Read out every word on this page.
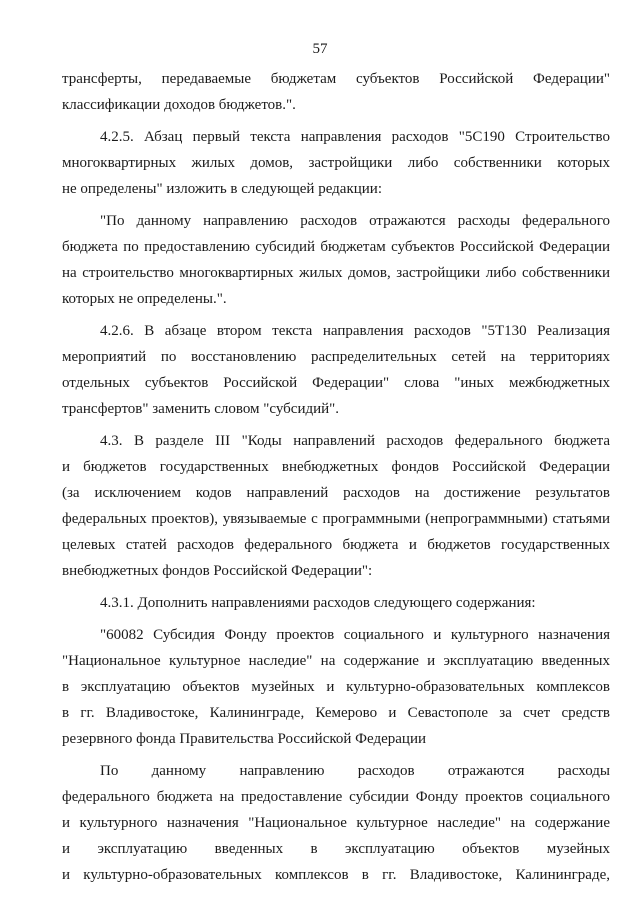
57
трансферты, передаваемые бюджетам субъектов Российской Федерации"
классификации доходов бюджетов.".
4.2.5. Абзац первый текста направления расходов "5С190 Строительство
многоквартирных жилых домов, застройщики либо собственники которых
не определены" изложить в следующей редакции:
"По данному направлению расходов отражаются расходы федерального
бюджета по предоставлению субсидий бюджетам субъектов Российской Федерации
на строительство многоквартирных жилых домов, застройщики либо собственники
которых не определены.".
4.2.6. В абзаце втором текста направления расходов "5Т130 Реализация
мероприятий по восстановлению распределительных сетей на территориях
отдельных субъектов Российской Федерации" слова "иных межбюджетных
трансфертов" заменить словом "субсидий".
4.3. В разделе III "Коды направлений расходов федерального бюджета
и бюджетов государственных внебюджетных фондов Российской Федерации
(за исключением кодов направлений расходов на достижение результатов
федеральных проектов), увязываемые с программными (непрограммными) статьями
целевых статей расходов федерального бюджета и бюджетов государственных
внебюджетных фондов Российской Федерации":
4.3.1. Дополнить направлениями расходов следующего содержания:
"60082 Субсидия Фонду проектов социального и культурного назначения
"Национальное культурное наследие" на содержание и эксплуатацию введенных
в эксплуатацию объектов музейных и культурно-образовательных комплексов
в гг. Владивостоке, Калининграде, Кемерово и Севастополе за счет средств
резервного фонда Правительства Российской Федерации
По данному направлению расходов отражаются расходы
федерального бюджета на предоставление субсидии Фонду проектов социального
и культурного назначения "Национальное культурное наследие" на содержание
и эксплуатацию введенных в эксплуатацию объектов музейных
и культурно-образовательных комплексов в гг. Владивостоке, Калининграде,
